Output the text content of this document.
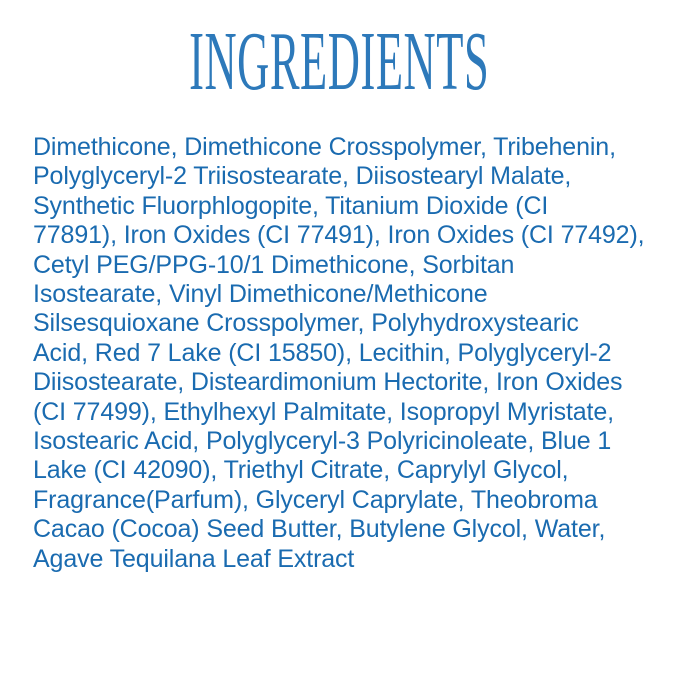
INGREDIENTS
Dimethicone, Dimethicone Crosspolymer, Tribehenin,
Polyglyceryl-2 Triisostearate, Diisostearyl Malate,
Synthetic Fluorphlogopite, Titanium Dioxide (CI
77891), Iron Oxides (CI 77491), Iron Oxides (CI 77492),
Cetyl PEG/PPG-10/1 Dimethicone, Sorbitan
Isostearate, Vinyl Dimethicone/Methicone
Silsesquioxane Crosspolymer, Polyhydroxystearic
Acid, Red 7 Lake (CI 15850), Lecithin, Polyglyceryl-2
Diisostearate, Disteardimonium Hectorite, Iron Oxides
(CI 77499), Ethylhexyl Palmitate, Isopropyl Myristate,
Isostearic Acid, Polyglyceryl-3 Polyricinoleate, Blue 1
Lake (CI 42090), Triethyl Citrate, Caprylyl Glycol,
Fragrance(Parfum), Glyceryl Caprylate, Theobroma
Cacao (Cocoa) Seed Butter, Butylene Glycol, Water,
Agave Tequilana Leaf Extract
